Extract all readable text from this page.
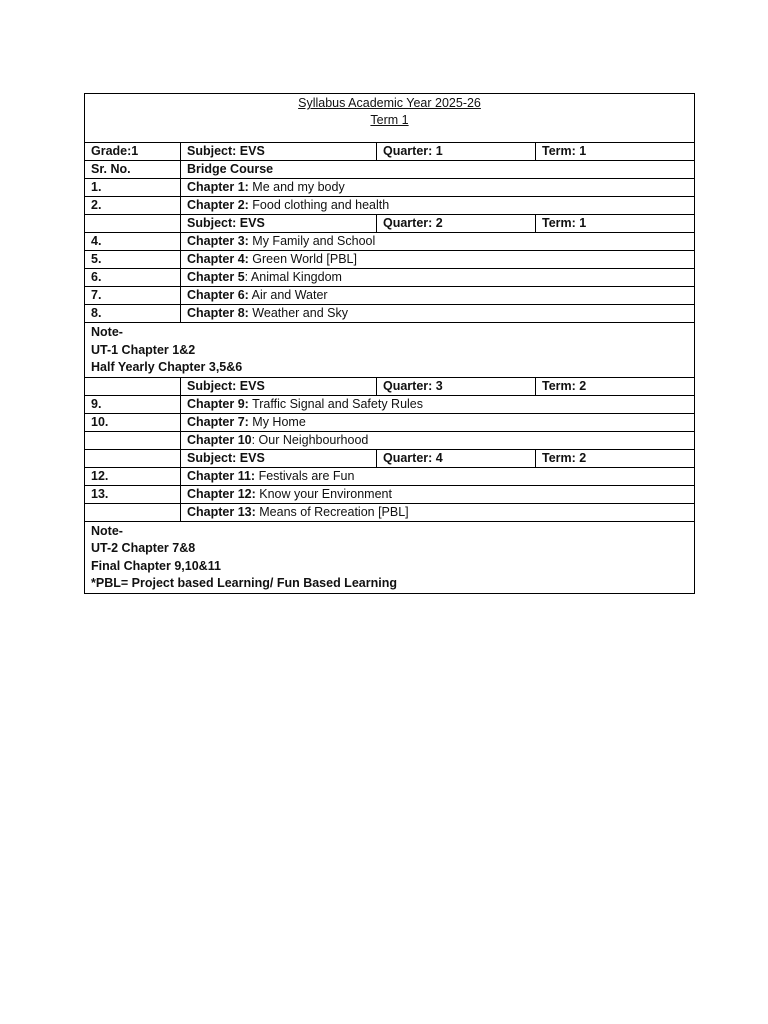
Syllabus Academic Year 2025-26
Term 1			

Grade:1	Subject: EVS	Quarter: 1	Term: 1
Sr. No.	Bridge Course		
1.	Chapter 1: Me and my body		
2.	Chapter 2: Food clothing and health		
	Subject: EVS	Quarter: 2	Term: 1
4.	Chapter 3: My Family and School		
5.	Chapter 4: Green World [PBL]		
6.	Chapter 5: Animal Kingdom		
7.	Chapter 6: Air and Water		
8.	Chapter 8: Weather and Sky		

Note-
UT-1 Chapter 1&2
Half Yearly Chapter 3,5&6			

	Subject: EVS	Quarter: 3	Term: 2
9.	Chapter 9: Traffic Signal and Safety Rules		
10.	Chapter 7: My Home		
	Chapter 10: Our Neighbourhood		
	Subject: EVS	Quarter: 4	Term: 2
12.	Chapter 11: Festivals are Fun		
13.	Chapter 12: Know your Environment		
	Chapter 13: Means of Recreation [PBL]		

Note-
UT-2 Chapter 7&8
Final Chapter 9,10&11
*PBL= Project based Learning/ Fun Based Learning			
